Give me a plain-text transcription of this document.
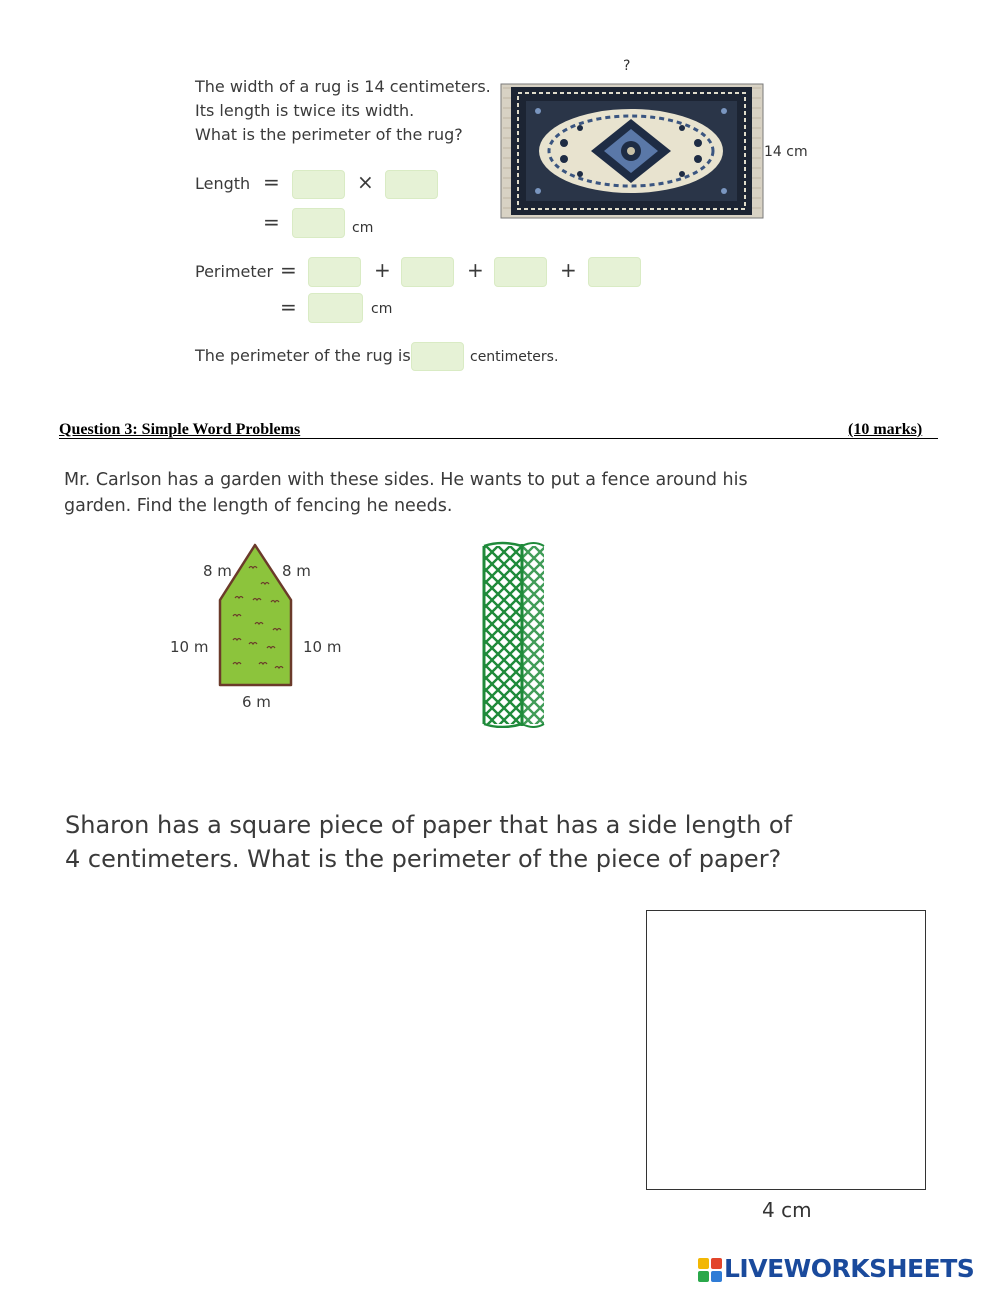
The width of a rug is 14 centimeters.
Its length is twice its width.
What is the perimeter of the rug?
Length =	×
=	cm
Perimeter =	+	+	+
=	cm
The perimeter of the rug is	centimeters.
?
14 cm
Question 3: Simple Word Problems	(10 marks)
Mr. Carlson has a garden with these sides. He wants to put a fence around his
garden. Find the length of fencing he needs.
8 m	8 m
10 m	10 m
6 m
Sharon has a square piece of paper that has a side length of
4 centimeters. What is the perimeter of the piece of paper?
4 cm
LIVEWORKSHEETS
